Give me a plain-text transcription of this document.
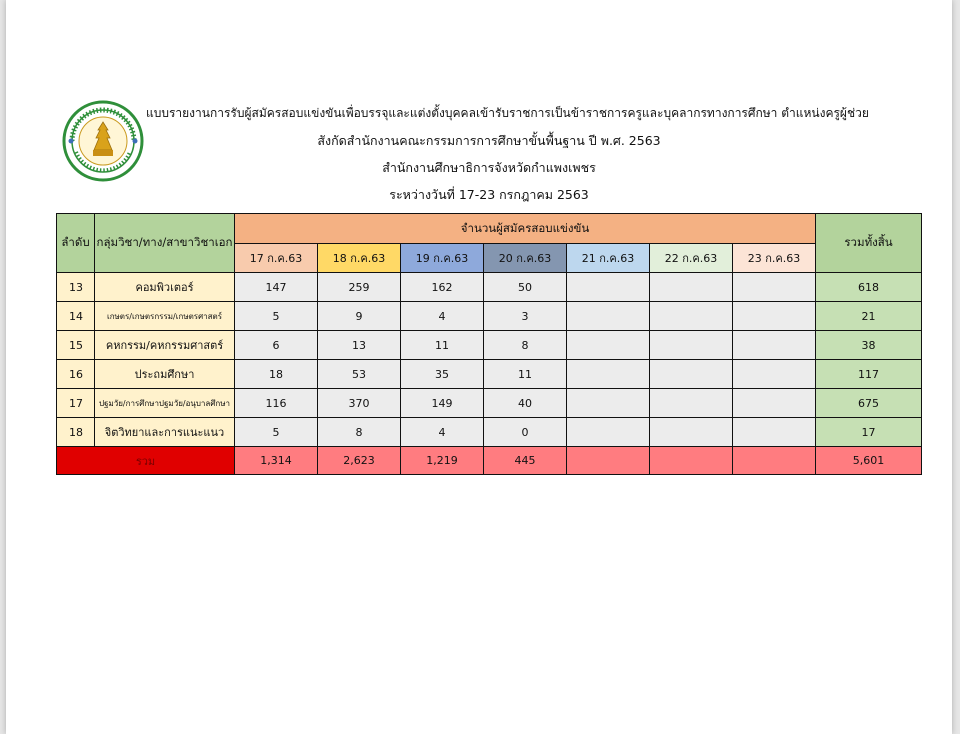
แบบรายงานการรับผู้สมัครสอบแข่งขันเพื่อบรรจุและแต่งตั้งบุคคลเข้ารับราชการเป็นข้าราชการครูและบุคลากรทางการศึกษา ตำแหน่งครูผู้ช่วย
สังกัดสำนักงานคณะกรรมการการศึกษาขั้นพื้นฐาน ปี พ.ศ. 2563
สำนักงานศึกษาธิการจังหวัดกำแพงเพชร
ระหว่างวันที่ 17-23 กรกฎาคม 2563
ลำดับ	กลุ่มวิชา/ทาง/สาขาวิชาเอก	จำนวนผู้สมัครสอบแข่งขัน							รวมทั้งสิ้น
		17 ก.ค.63	18 ก.ค.63	19 ก.ค.63	20 ก.ค.63	21 ก.ค.63	22 ก.ค.63	23 ก.ค.63	
13	คอมพิวเตอร์	147	259	162	50				618
14	เกษตร/เกษตรกรรม/เกษตรศาสตร์	5	9	4	3				21
15	คหกรรม/คหกรรมศาสตร์	6	13	11	8				38
16	ประถมศึกษา	18	53	35	11				117
17	ปฐมวัย/การศึกษาปฐมวัย/อนุบาลศึกษา	116	370	149	40				675
18	จิตวิทยาและการแนะแนว	5	8	4	0				17
รวม		1,314	2,623	1,219	445				5,601
